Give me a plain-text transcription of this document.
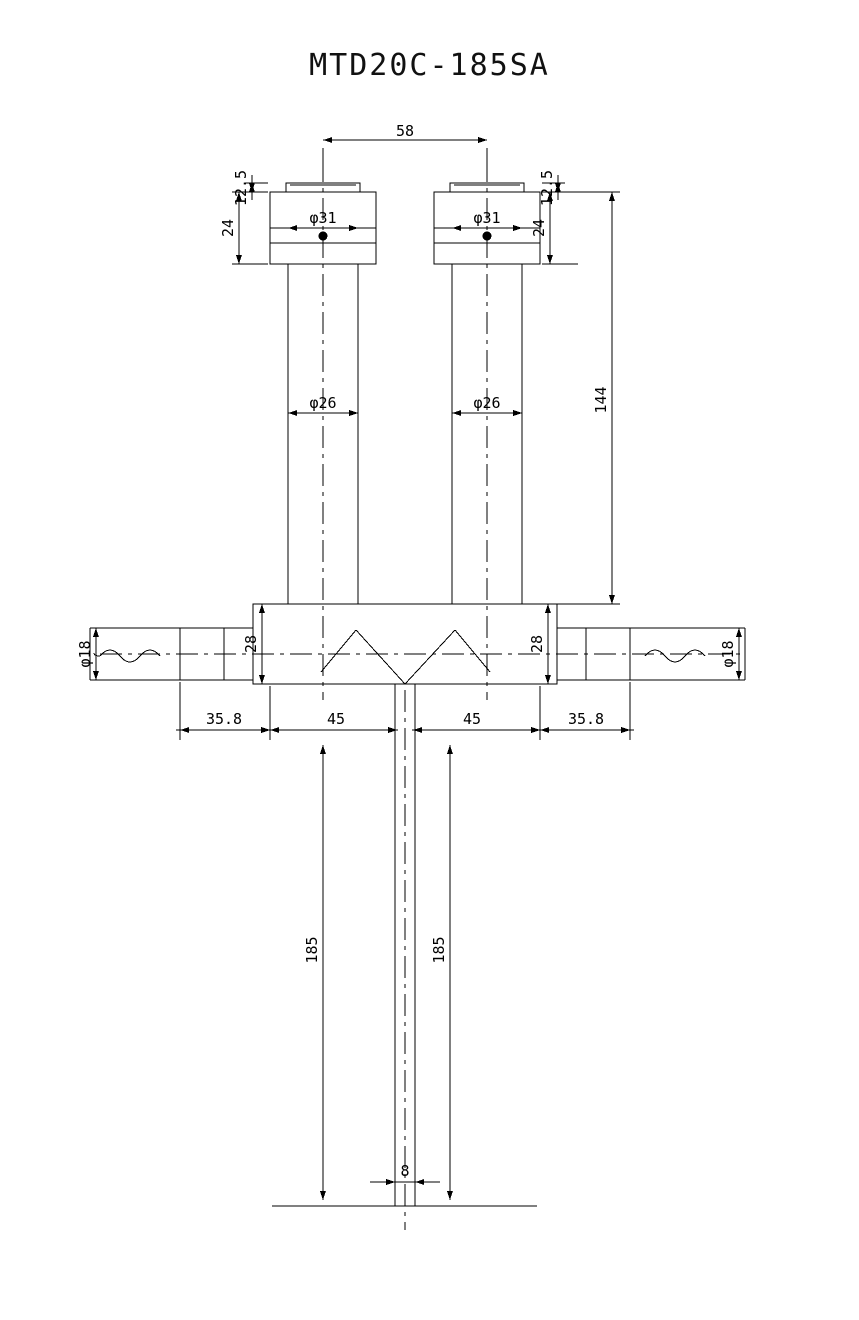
MTD20C-185SA
58
12.5
24
12.5
24
φ31	φ31
φ26	φ26	144
φ18	φ18
28	28
35.8	45	45	35.8
185	185
8
